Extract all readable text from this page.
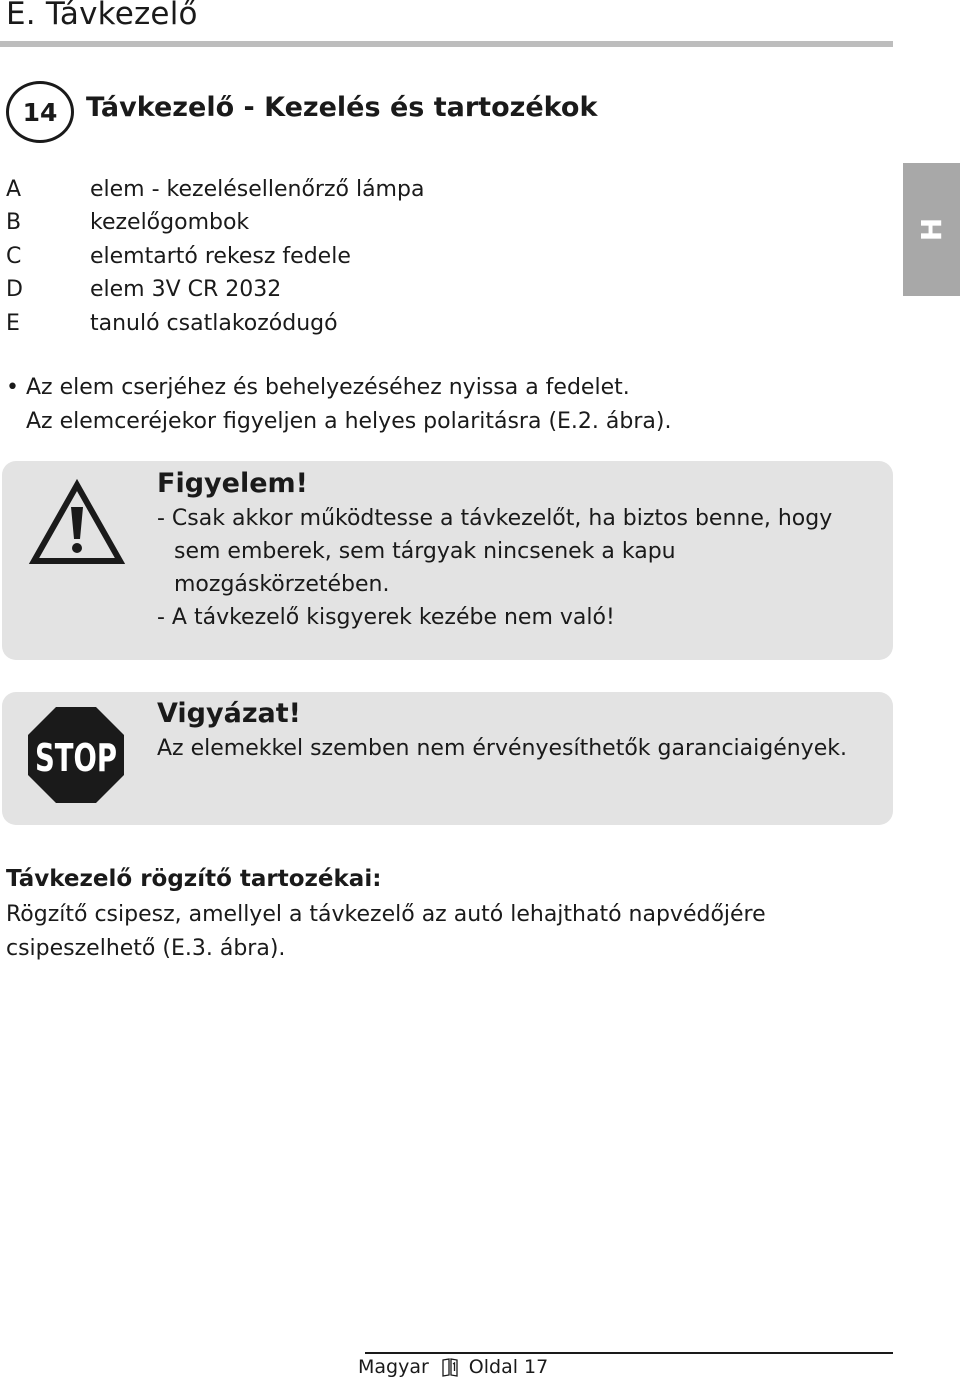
E. Távkezelő
H
14	Távkezelő - Kezelés és tartozékok
A	elem - kezelésellenőrző lámpa
B	kezelőgombok
C	elemtartó rekesz fedele
D	elem 3V CR 2032
E	tanuló csatlakozódugó
• Az elem cserjéhez és behelyezéséhez nyissa a fedelet.
Az elemceréjekor figyeljen a helyes polaritásra (E.2. ábra).
Figyelem!
- Csak akkor működtesse a távkezelőt, ha biztos benne, hogy
sem emberek, sem tárgyak nincsenek a kapu
mozgáskörzetében.
- A távkezelő kisgyerek kezébe nem való!
STOP
Vigyázat!
Az elemekkel szemben nem érvényesíthetők garanciaigények.
Távkezelő rögzítő tartozékai:
Rögzítő csipesz, amellyel a távkezelő az autó lehajtható napvédőjére
csipeszelhető (E.3. ábra).
Magyar Oldal 17
